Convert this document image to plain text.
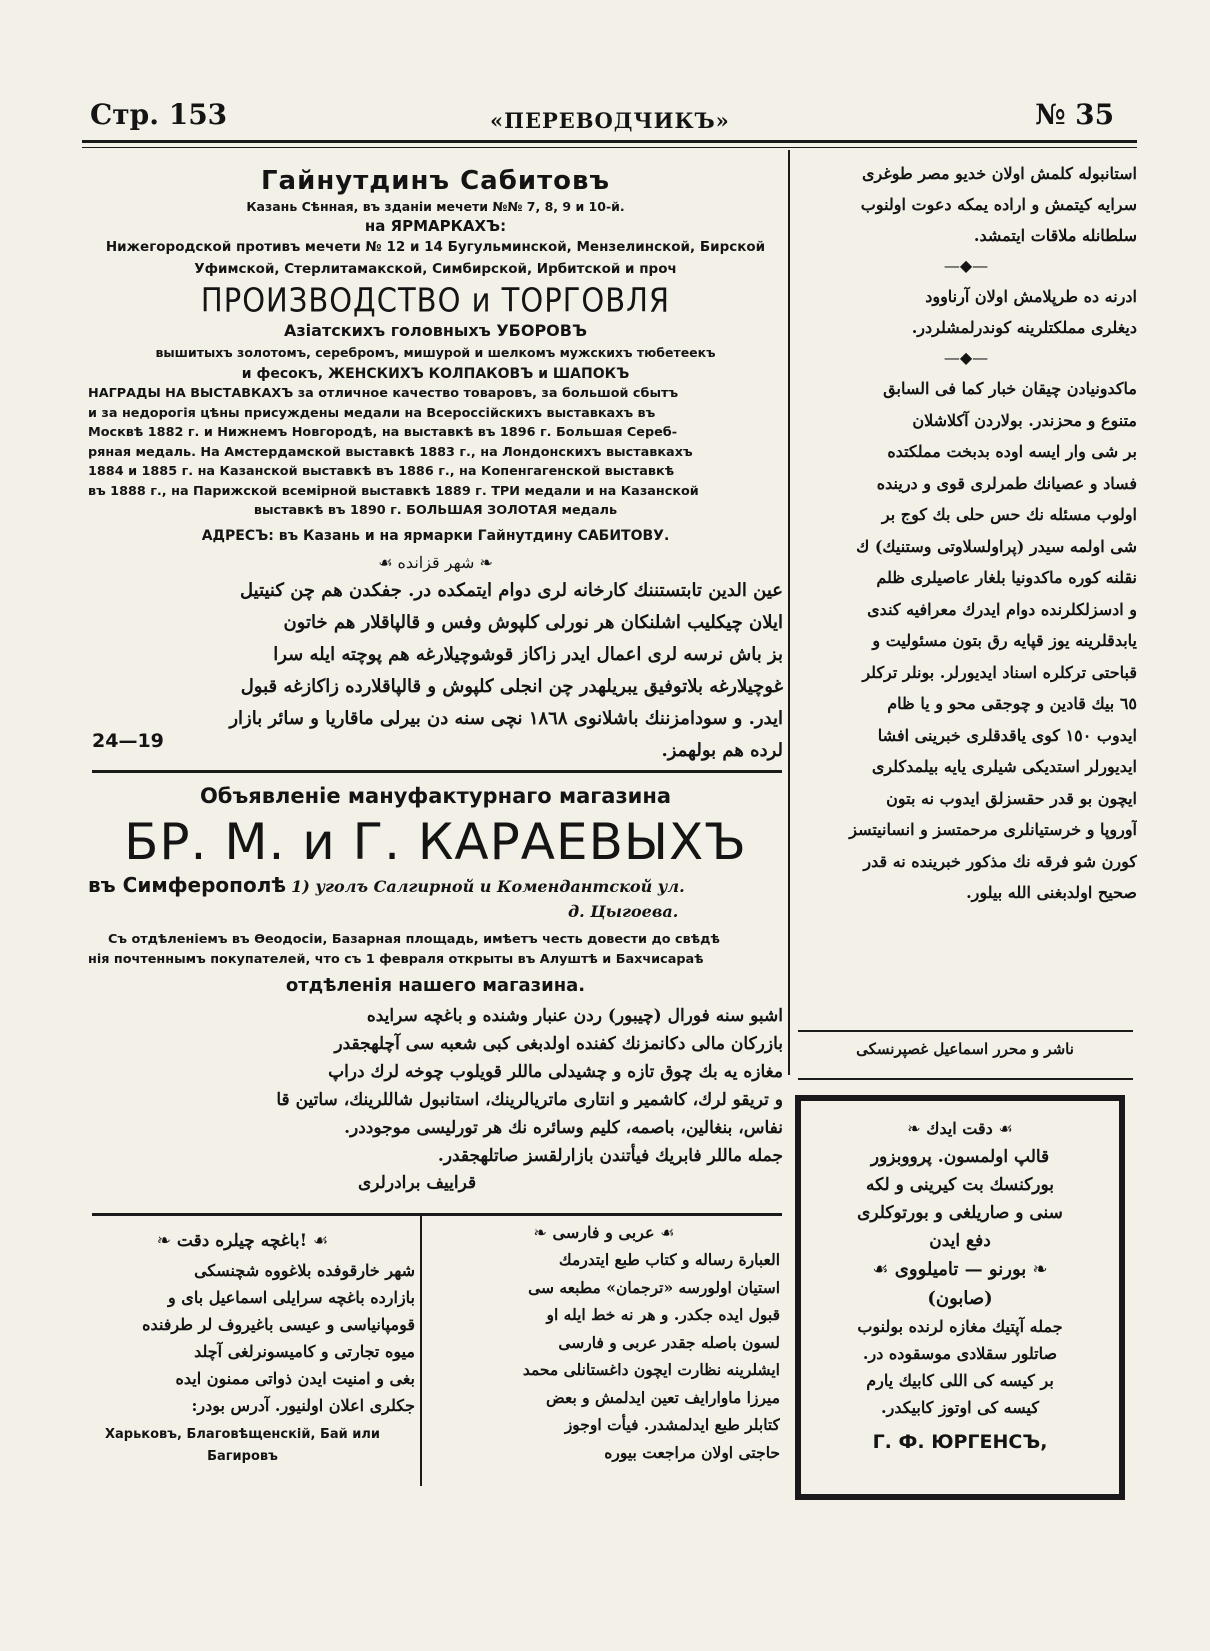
Стр. 153	«ПЕРЕВОДЧИКЪ»	№ 35
Гайнутдинъ Сабитовъ
Казань Сѣнная, въ зданіи мечети №№ 7, 8, 9 и 10-й.
на ЯРМАРКАХЪ:
Нижегородской противъ мечети № 12 и 14 Бугульминской, Мензелинской, Бирской
Уфимской, Стерлитамакской, Симбирской, Ирбитской и проч
ПРОИЗВОДСТВО и ТОРГОВЛЯ
Азіатскихъ головныхъ УБОРОВЪ
вышитыхъ золотомъ, серебромъ, мишурой и шелкомъ мужскихъ тюбетеекъ
и фесокъ, ЖЕНСКИХЪ КОЛПАКОВЪ и ШАПОКЪ
НАГРАДЫ НА ВЫСТАВКАХЪ за отличное качество товаровъ, за большой сбытъ
и за недорогія цѣны присуждены медали на Всероссійскихъ выставкахъ въ
Москвѣ 1882 г. и Нижнемъ Новгородѣ, на выставкѣ въ 1896 г. Большая Сереб-
ряная медаль. На Амстердамской выставкѣ 1883 г., на Лондонскихъ выставкахъ
1884 и 1885 г. на Казанской выставкѣ въ 1886 г., на Копенгагенской выставкѣ
въ 1888 г., на Парижской всемірной выставкѣ 1889 г. ТРИ медали и на Казанской
выставкѣ въ 1890 г. БОЛЬШАЯ ЗОЛОТАЯ медаль
АДРЕСЪ: въ Казань и на ярмарки Гайнутдину САБИТОВУ.
❧ شهر قزانده ☙
عين الدين تابتستننك كارخانه لرى دوام ايتمكده در. جفكدن هم چن كنيتيل
ايلان چيكليب اشلنكان هر نورلى كلپوش وفس و قالپاقلار هم خاتون
بز باش نرسه لرى اعمال ايدر زاكاز قوشوچيلارغه هم پوچته ايله سرا
غوچيلارغه بلاتوفيق يبريلهدر چن انجلى كلپوش و قالپاقلارده زاكازغه قبول
ايدر. و سودامزننك باشلانوى ١٨٦٨ نچى سنه دن بيرلى ماقاريا و سائر بازار
لرده هم بولهمز.
24—19
Объявленіе мануфактурнаго магазина
БР. М. и Г. КАРАЕВЫХЪ
въ Симферополѣ 1) уголъ Салгирной и Комендантской ул.
д. Цыгоева.
Съ отдѣленіемъ въ Ѳеодосіи, Базарная площадь, имѣетъ честь довести до свѣдѣ
нія почтеннымъ покупателей, что съ 1 февраля открыты въ Алуштѣ и Бахчисараѣ
отдѣленія нашего магазина.
اشبو سنه فورال (چيبور) ردن عنبار وشنده و باغچه سرايده
بازركان مالى دكانمزنك كفنده اولدبغى كبى شعبه سى آچلهجقدر
مغازه يه بك چوق تازه و چشيدلى ماللر قويلوب چوخه لرك دراپ
و تريقو لرك، كاشمير و انتارى ماتريالرينك، استانبول شاللرينك، ساتين قا
نفاس، بنغالين، باصمه، كليم وسائره نك هر تورليسى موجوددر.
جمله ماللر فابريك فيأتندن بازارلقسز صاتلهجقدر.
قراييف برادرلرى
❧ باغچه چيلره دقت! ☙
شهر خارقوفده بلاغووه شچنسكى
بازارده باغچه سرايلى اسماعيل باى و
قومپانياسى و عيسى باغيروف لر طرفنده
ميوه تجارتى و كاميسونرلغى آچلد
بغى و امنيت ايدن ذواتى ممنون ايده
جكلرى اعلان اولنيور. آدرس بودر:
Харьковъ, Благовѣщенскій, Бай или
Багировъ
❧ عربى و فارسى ☙
العبارة رساله و كتاب طبع ايتدرمك
استيان اولورسه «ترجمان» مطبعه سى
قبول ايده جكدر. و هر نه خط ايله او
لسون باصله جقدر عربى و فارسى
ايشلرينه نظارت ايچون داغستانلى محمد
ميرزا ماوارايف تعين ايدلمش و بعض
كتابلر طبع ايدلمشدر. فيأت اوجوز
حاجتى اولان مراجعت بيوره
استانبوله كلمش اولان خديو مصر طوغرى
سرايه كيتمش و اراده يمكه دعوت اولنوب
سلطانله ملاقات ايتمشد.
—◆—
ادرنه ده طرپلامش اولان آرناوود
ديغلرى مملكتلرينه كوندرلمشلردر.
—◆—
ماكدونيادن چيقان خبار كما فى السابق
متنوع و محزندر. بولاردن آكلاشلان
بر شى وار ايسه اوده بدبخت مملكتده
فساد و عصيانك طمرلرى قوى و درينده
اولوب مسئله نك حس حلى بك كوج بر
شى اولمه سيدر (پراولسلاوتى وستنيك) ك
نقلنه كوره ماكدونيا بلغار عاصيلرى ظلم
و ادسزلكلرنده دوام ايدرك معرافيه كندى
يابدقلرينه يوز قپايه رق بتون مسئوليت و
قباحتى تركلره اسناد ايديورلر. بونلر تركلر
٦٥ بيك قادين و چوجقى محو و يا ظام
ايدوب ١٥٠ كوى ياقدقلرى خبرينى افشا
ايديورلر استديكى شيلرى يايه بيلمدكلرى
ايچون بو قدر حقسزلق ايدوب نه بتون
آوروپا و خرستيانلرى مرحمتسز و انسانيتسز
كورن شو فرقه نك مذكور خبرينده نه قدر
صحيح اولدبغنى الله بيلور.
ناشر و محرر اسماعيل غصپرنسكى
❧ دقت ايدك ☙
قالپ اولمسون. پرووبزور
بوركنسك بت كيرينى و لكه
سنى و صاريلغى و بورتوكلرى
دفع ايدن
❧ بورنو — تاميلووى ☙
(صابون)
جمله آپتيك مغازه لرنده بولنوب
صاتلور سقلادى موسقوده در.
بر كيسه كى اللى كابيك يارم
كيسه كى اوتوز كابيكدر.
Г. Ф. ЮРГЕНСЪ,
